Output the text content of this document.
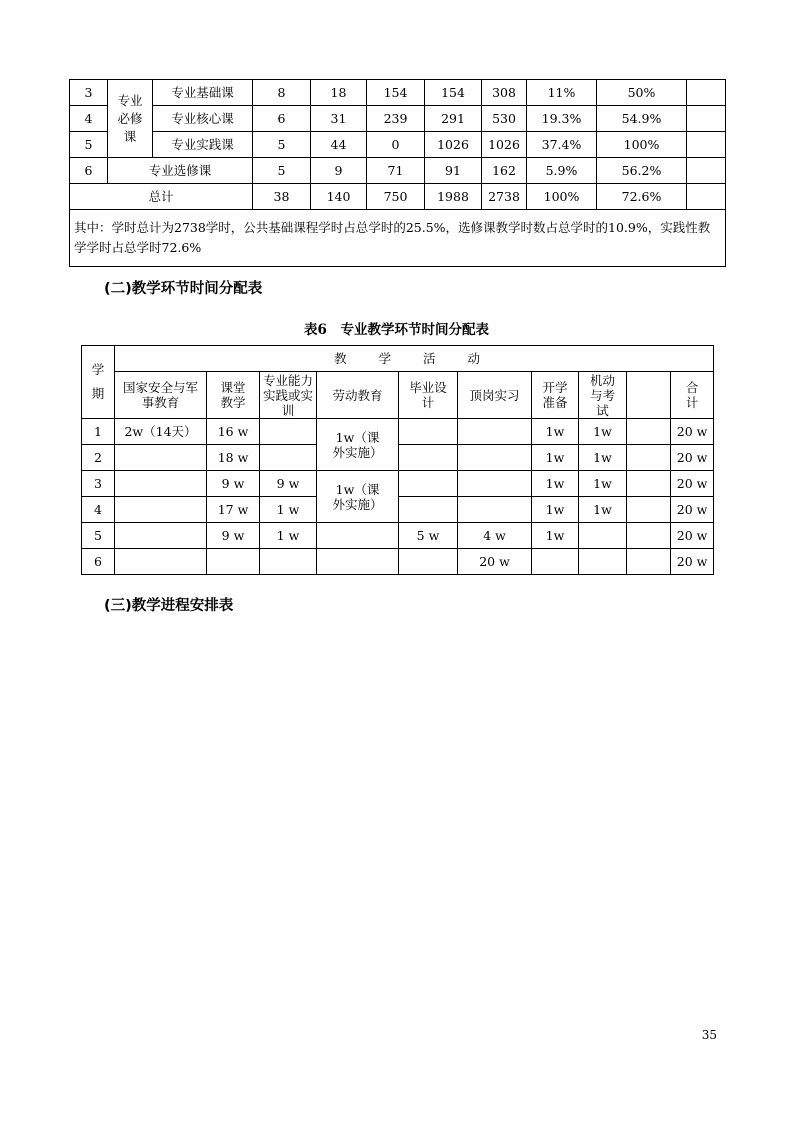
3	专业必修课	专业基础课	8	18	154	154	308	11%	50%	
4		专业核心课	6	31	239	291	530	19.3%	54.9%	
5		专业实践课	5	44	0	1026	1026	37.4%	100%	
6	专业选修课		5	9	71	91	162	5.9%	56.2%	
总计			38	140	750	1988	2738	100%	72.6%	
其中：学时总计为2738学时，公共基础课程学时占总学时的25.5%，选修课教学时数占总学时的10.9%，实践性教学学时占总学时72.6%										
(二)教学环节时间分配表
表6　专业教学环节时间分配表
学期	教 学 活 动									
	国家安全与军事教育	课堂教学	专业能力实践或实训	劳动教育	毕业设计	顶岗实习	开学准备	机动与考试		合计
1	2w（14天）	16 w		1w（课外实施）			1w	1w		20 w
2		18 w					1w	1w		20 w
3		9 w	9 w	1w（课外实施）			1w	1w		20 w
4		17 w	1 w				1w	1w		20 w
5		9 w	1 w		5 w	4 w	1w			20 w
6						20 w				20 w
(三)教学进程安排表
35
